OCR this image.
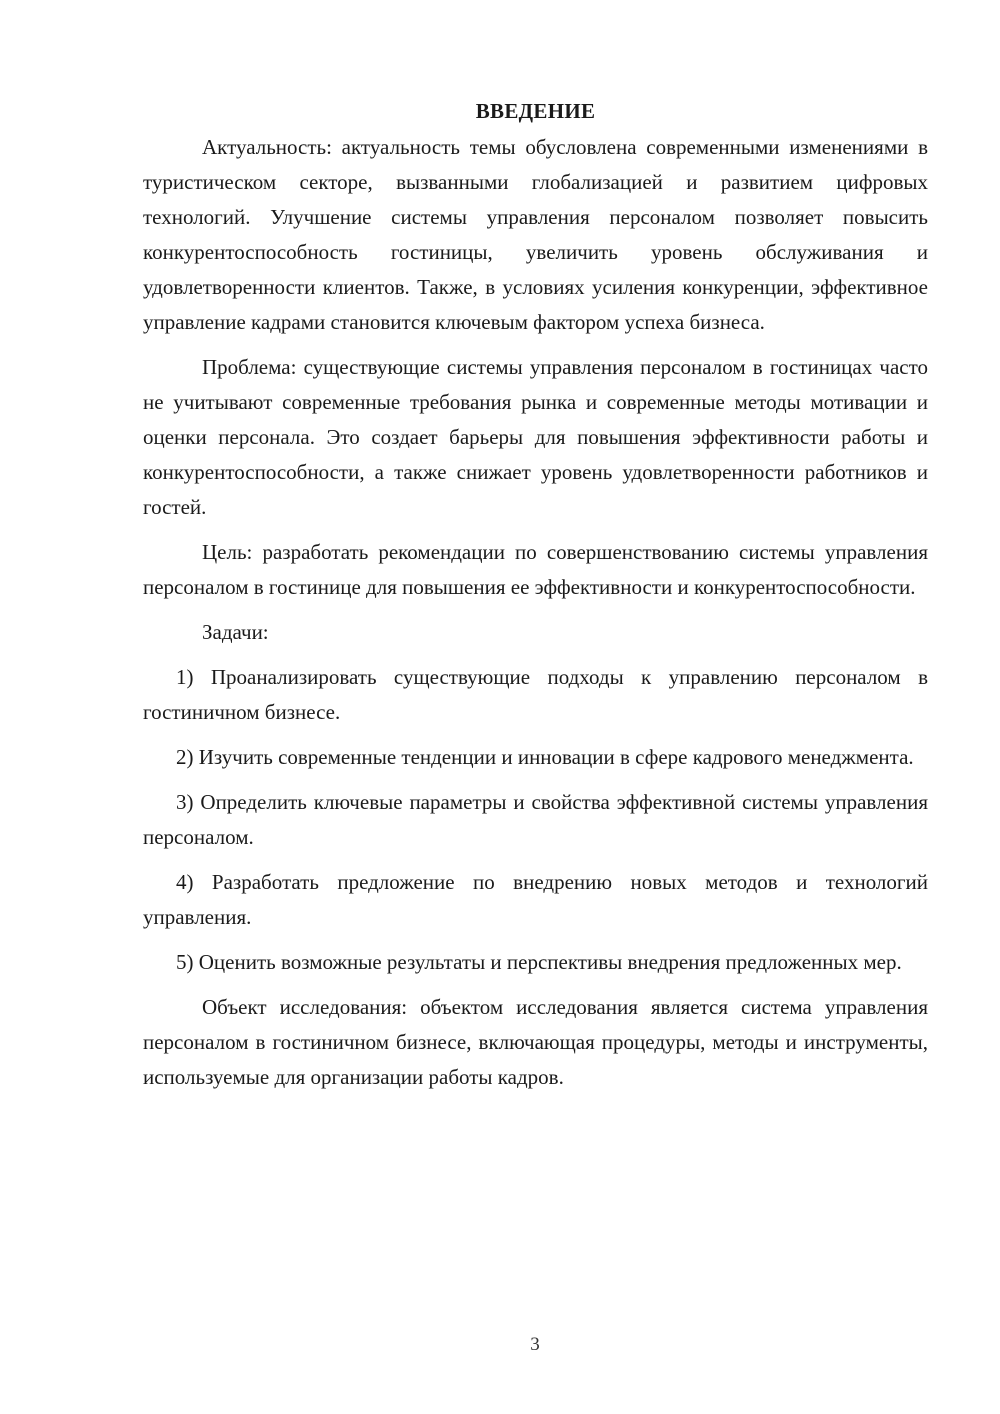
ВВЕДЕНИЕ

Актуальность: актуальность темы обусловлена современными изменениями в туристическом секторе, вызванными глобализацией и развитием цифровых технологий. Улучшение системы управления персоналом позволяет повысить конкурентоспособность гостиницы, увеличить уровень обслуживания и удовлетворенности клиентов. Также, в условиях усиления конкуренции, эффективное управление кадрами становится ключевым фактором успеха бизнеса.

Проблема: существующие системы управления персоналом в гостиницах часто не учитывают современные требования рынка и современные методы мотивации и оценки персонала. Это создает барьеры для повышения эффективности работы и конкурентоспособности, а также снижает уровень удовлетворенности работников и гостей.

Цель: разработать рекомендации по совершенствованию системы управления персоналом в гостинице для повышения ее эффективности и конкурентоспособности.

Задачи:

1) Проанализировать существующие подходы к управлению персоналом в гостиничном бизнесе.

2) Изучить современные тенденции и инновации в сфере кадрового менеджмента.

3) Определить ключевые параметры и свойства эффективной системы управления персоналом.

4) Разработать предложение по внедрению новых методов и технологий управления.

5) Оценить возможные результаты и перспективы внедрения предложенных мер.

Объект исследования: объектом исследования является система управления персоналом в гостиничном бизнесе, включающая процедуры, методы и инструменты, используемые для организации работы кадров.

3
